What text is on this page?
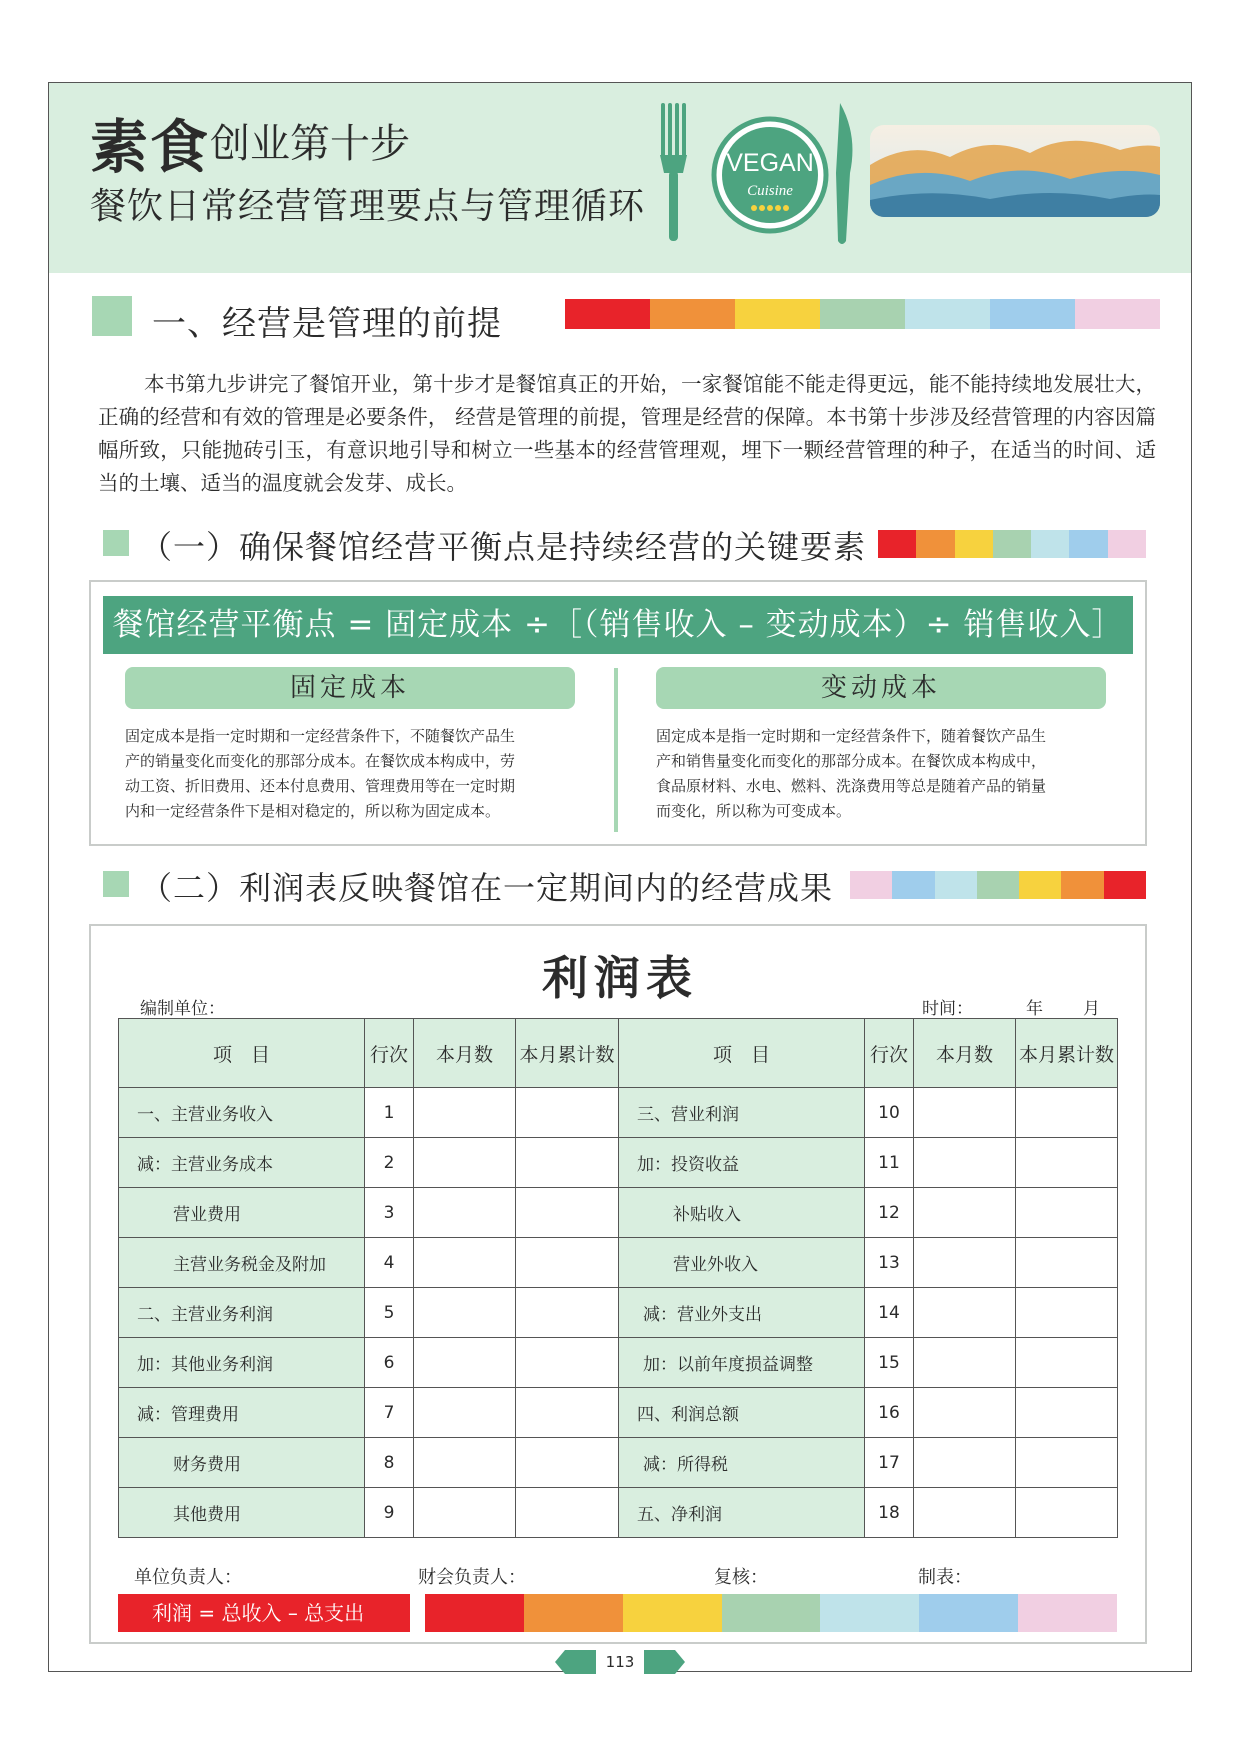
素食 创业第十步
餐饮日常经营管理要点与管理循环
VEGAN
Cuisine
一、经营是管理的前提
本书第九步讲完了餐馆开业，第十步才是餐馆真正的开始，一家餐馆能不能走得更远，能不能持续地发展壮大，正确的经营和有效的管理是必要条件， 经营是管理的前提，管理是经营的保障。本书第十步涉及经营管理的内容因篇幅所致，只能抛砖引玉，有意识地引导和树立一些基本的经营管理观，埋下一颗经营管理的种子，在适当的时间、适当的土壤、适当的温度就会发芽、成长。
（一）确保餐馆经营平衡点是持续经营的关键要素
餐馆经营平衡点 = 固定成本 ÷［（销售收入 – 变动成本）÷ 销售收入］
固定成本	变动成本
固定成本是指一定时期和一定经营条件下，不随餐饮产品生
产的销量变化而变化的那部分成本。在餐饮成本构成中，劳
动工资、折旧费用、还本付息费用、管理费用等在一定时期
内和一定经营条件下是相对稳定的，所以称为固定成本。
固定成本是指一定时期和一定经营条件下，随着餐饮产品生
产和销售量变化而变化的那部分成本。在餐饮成本构成中，
食品原材料、水电、燃料、洗涤费用等总是随着产品的销量
而变化，所以称为可变成本。
（二）利润表反映餐馆在一定期间内的经营成果
利润表
编制单位：	时间：	年 月
项　目	行次	本月数	本月累计数	项　目	行次	本月数	本月累计数
一、主营业务收入	1			三、营业利润	10		
减：主营业务成本	2			加：投资收益	11		
营业费用	3			补贴收入	12		
主营业务税金及附加	4			营业外收入	13		
二、主营业务利润	5			减：营业外支出	14		
加：其他业务利润	6			加：以前年度损益调整	15		
减：管理费用	7			四、利润总额	16		
财务费用	8			减：所得税	17		
其他费用	9			五、净利润	18		
单位负责人：	财会负责人：	复核：	制表：
利润 = 总收入 – 总支出
113
